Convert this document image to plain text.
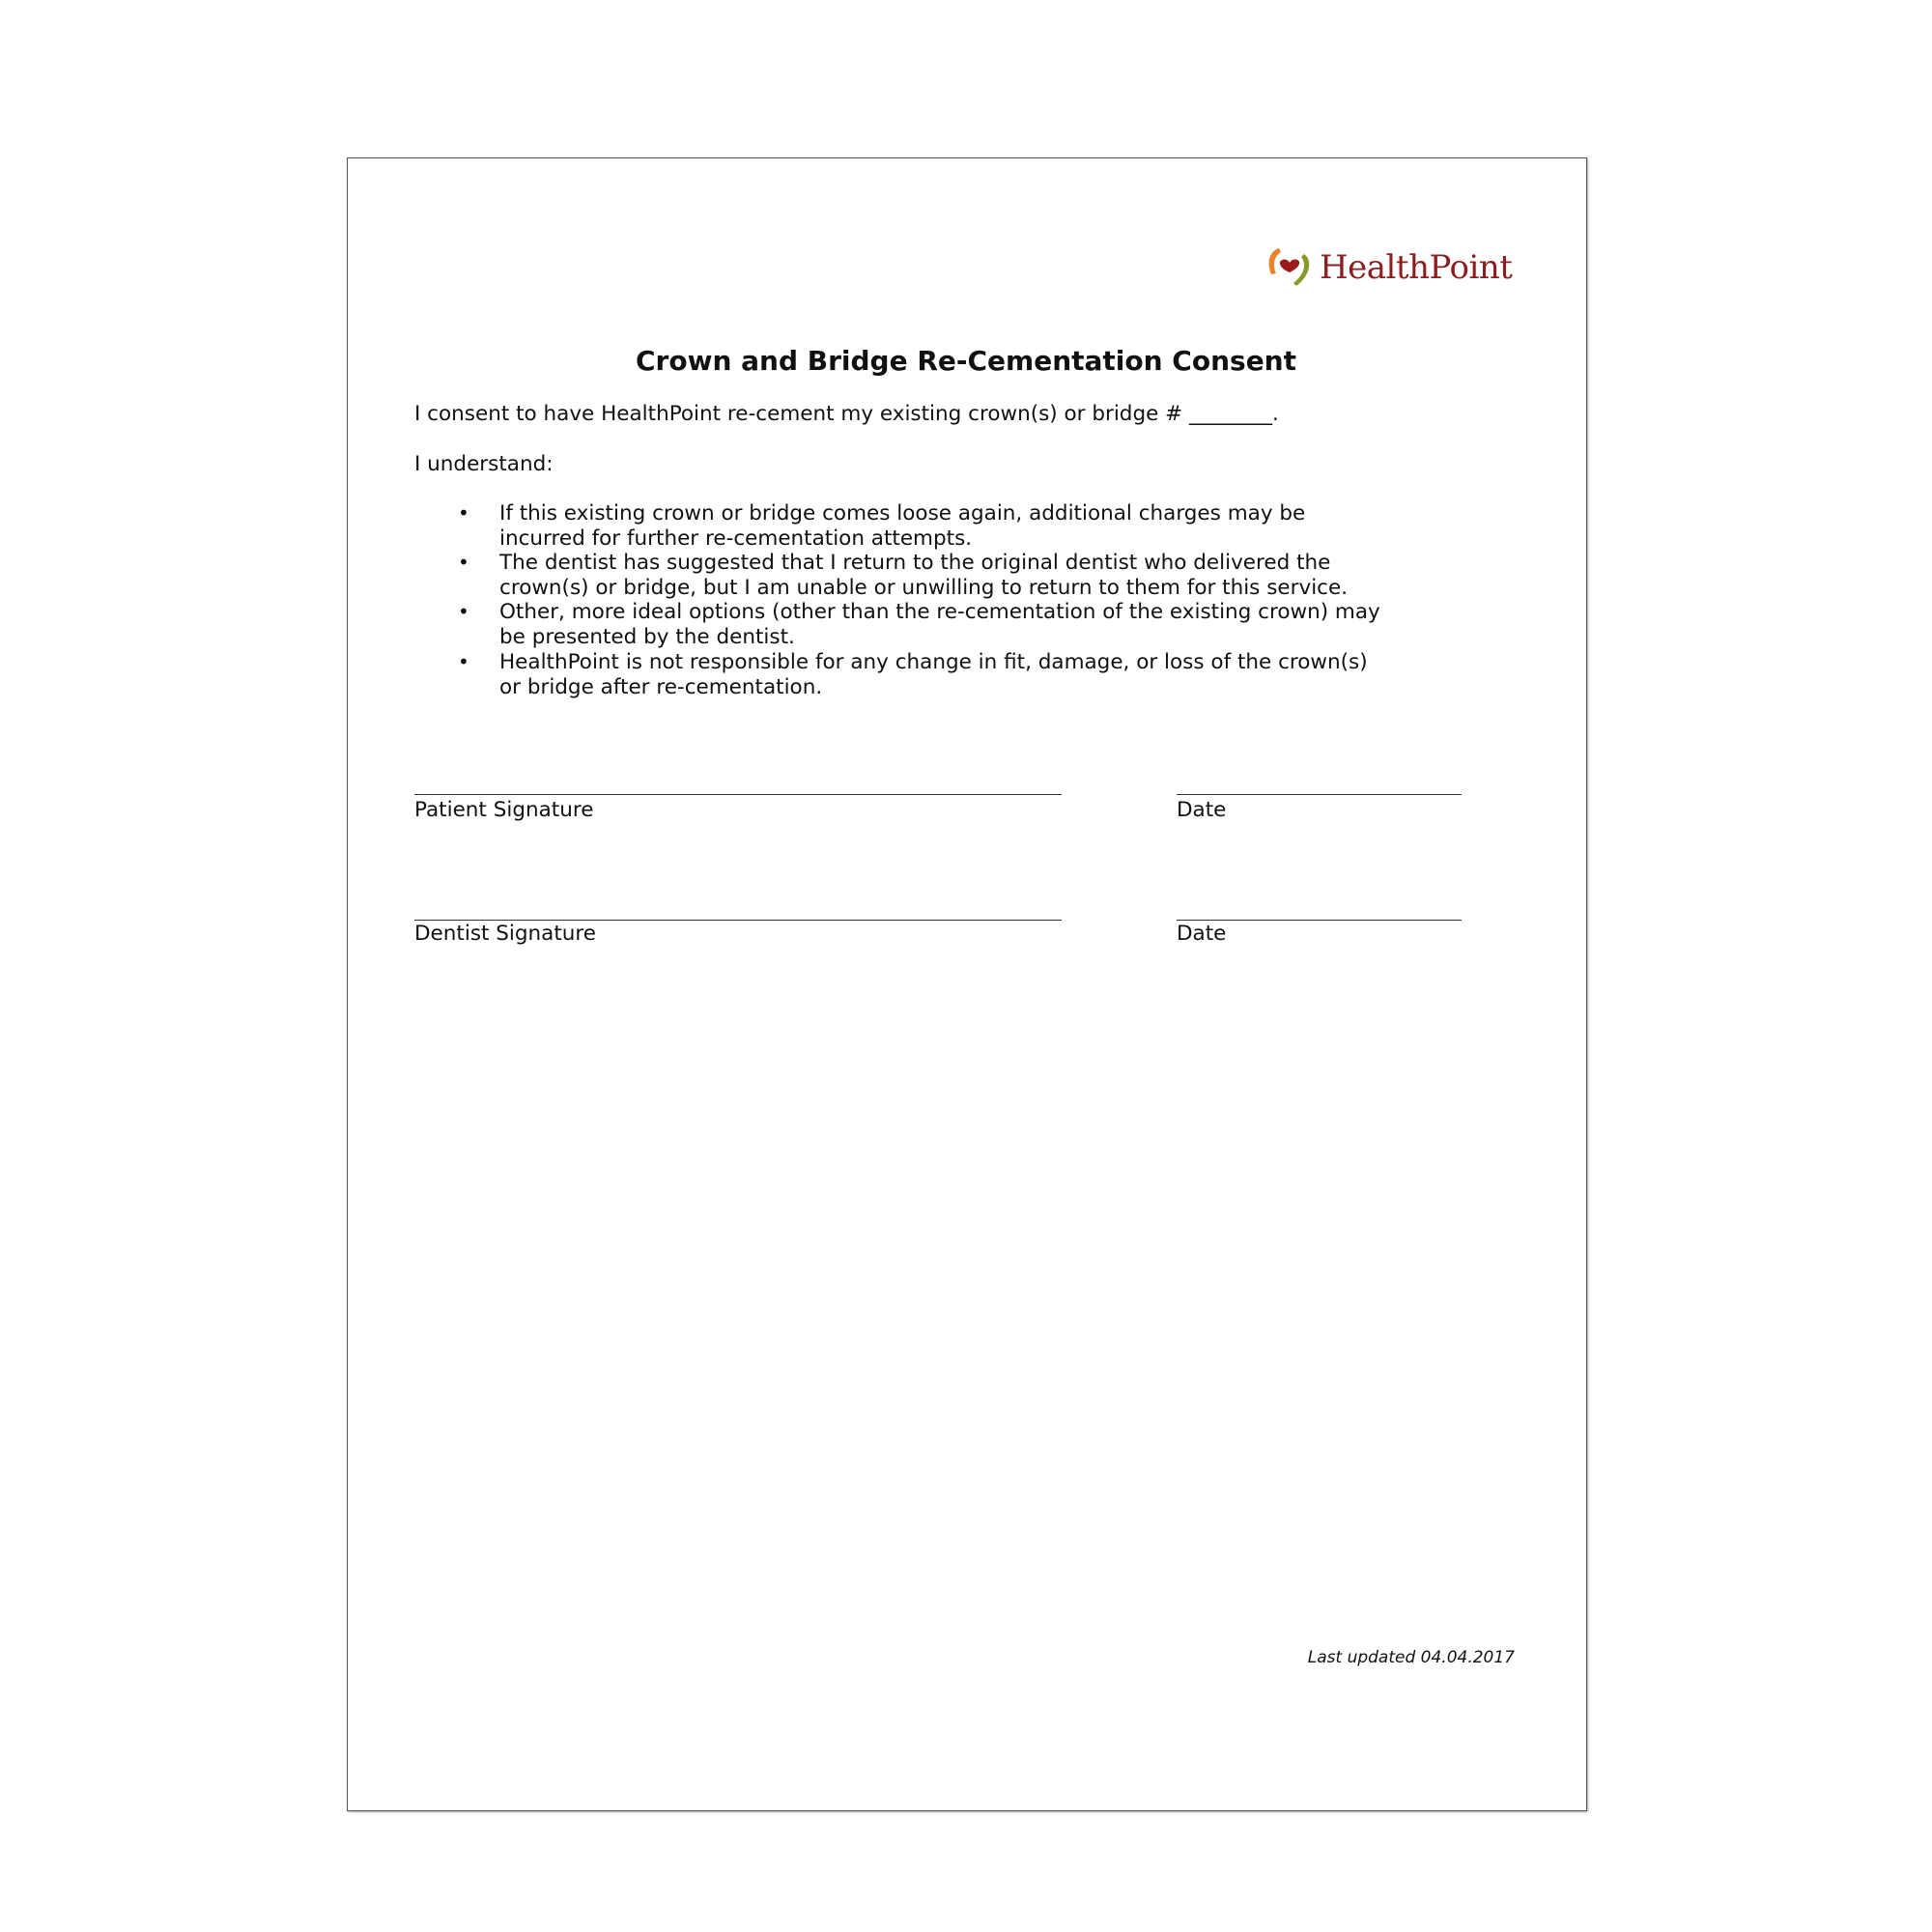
HealthPoint
Crown and Bridge Re-Cementation Consent
I consent to have HealthPoint re-cement my existing crown(s) or bridge # ________.
I understand:
• If this existing crown or bridge comes loose again, additional charges may be
incurred for further re-cementation attempts.
• The dentist has suggested that I return to the original dentist who delivered the
crown(s) or bridge, but I am unable or unwilling to return to them for this service.
• Other, more ideal options (other than the re-cementation of the existing crown) may
be presented by the dentist.
• HealthPoint is not responsible for any change in fit, damage, or loss of the crown(s)
or bridge after re-cementation.
Patient Signature	Date
Dentist Signature	Date
Last updated 04.04.2017
